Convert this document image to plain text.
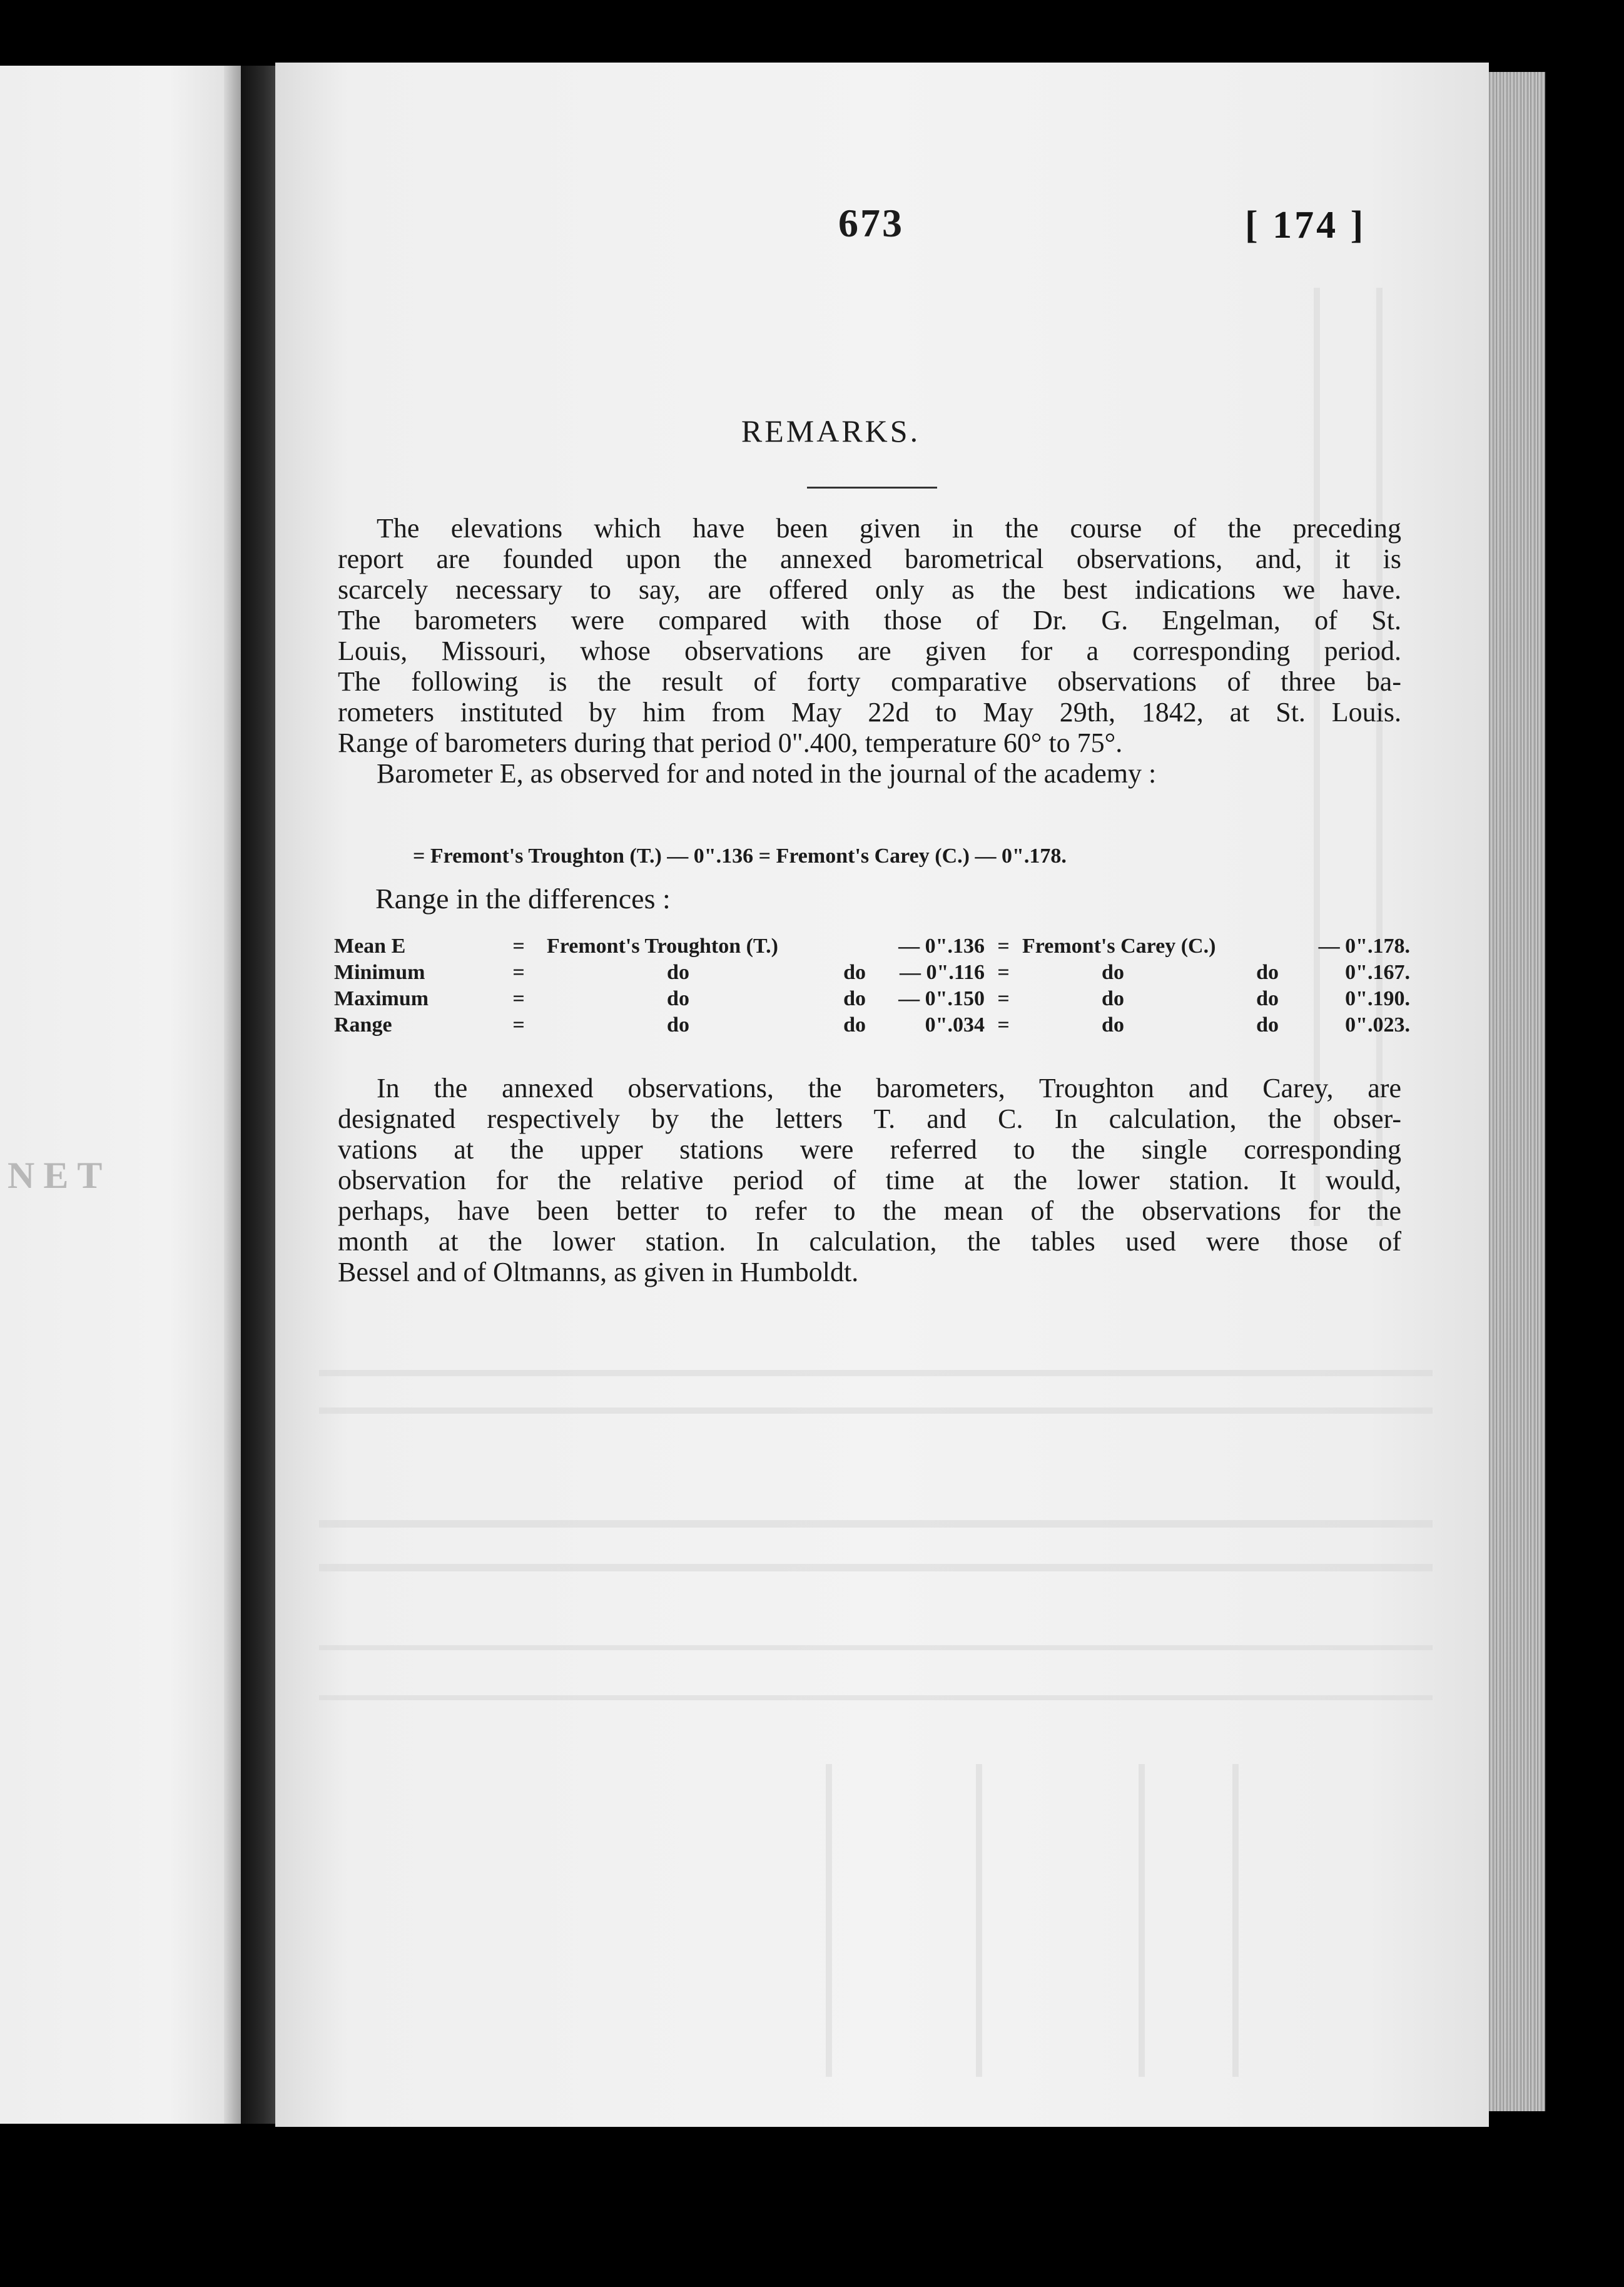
NET
673	[ 174 ]
REMARKS.
The elevations which have been given in the course of the preceding
report are founded upon the annexed barometrical observations, and, it is
scarcely necessary to say, are offered only as the best indications we have.
The barometers were compared with those of Dr. G. Engelman, of St.
Louis, Missouri, whose observations are given for a corresponding period.
The following is the result of forty comparative observations of three ba-
rometers instituted by him from May 22d to May 29th, 1842, at St. Louis.
Range of barometers during that period 0".400, temperature 60° to 75°.
Barometer E, as observed for and noted in the journal of the academy :
= Fremont's Troughton (T.) — 0".136 = Fremont's Carey (C.) — 0".178.
Range in the differences :
Mean E	=	Fremont's Troughton (T.)		— 0".136	=	Fremont's Carey (C.)		— 0".178.
Minimum	=	do	do	— 0".116	=	do	do	0".167.
Maximum	=	do	do	— 0".150	=	do	do	0".190.
Range	=	do	do	0".034	=	do	do	0".023.
In the annexed observations, the barometers, Troughton and Carey, are
designated respectively by the letters T. and C. In calculation, the obser-
vations at the upper stations were referred to the single corresponding
observation for the relative period of time at the lower station. It would,
perhaps, have been better to refer to the mean of the observations for the
month at the lower station. In calculation, the tables used were those of
Bessel and of Oltmanns, as given in Humboldt.
